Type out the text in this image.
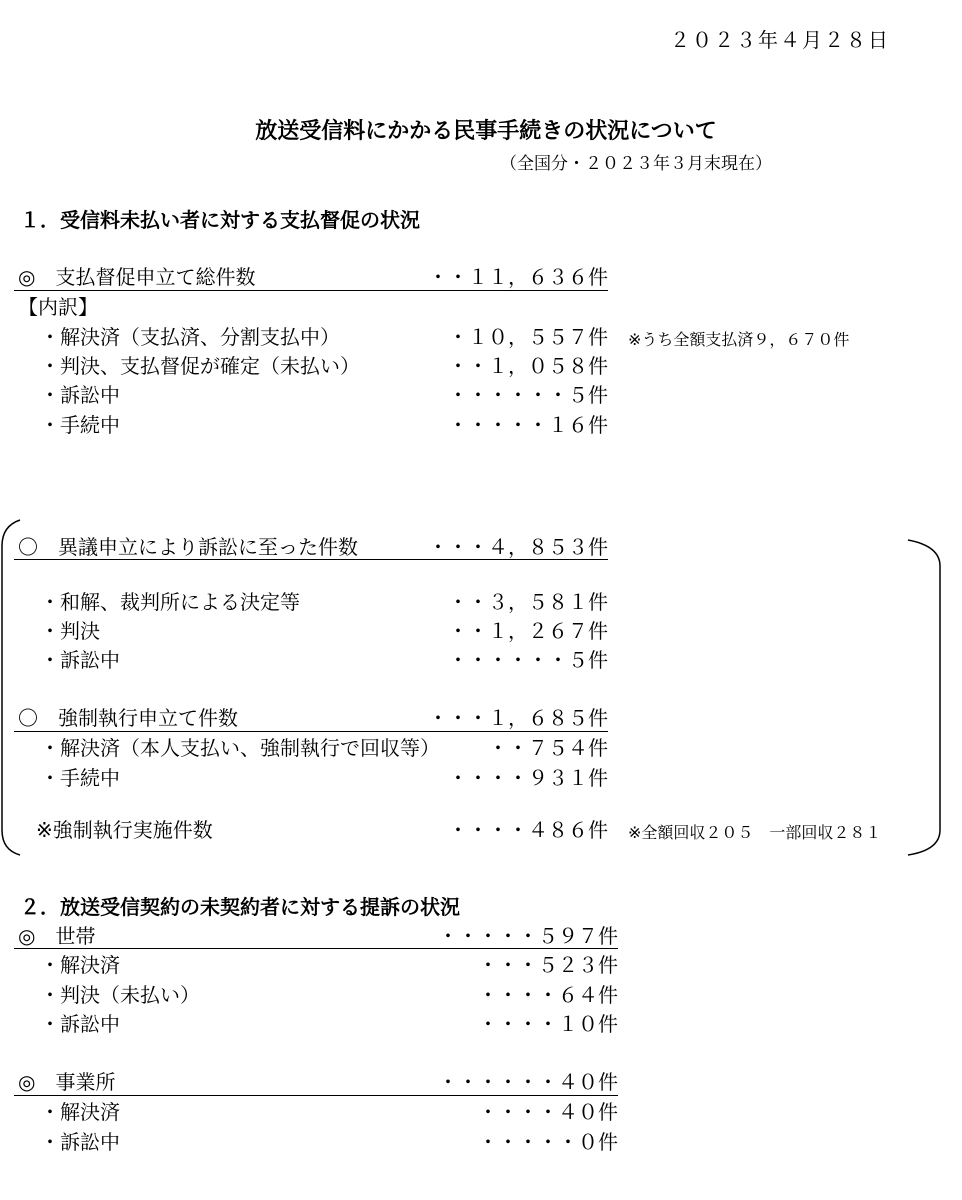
２０２３年４月２８日
放送受信料にかかる民事手続きの状況について
（全国分・２０２３年３月末現在）
１．受信料未払い者に対する支払督促の状況
◎　支払督促申立て総件数	・・１１，６３６件
【内訳】
・解決済（支払済、分割支払中）	・１０，５５７件 ※うち全額支払済９，６７０件
・判決、支払督促が確定（未払い）	・・１，０５８件
・訴訟中	・・・・・・５件
・手続中	・・・・・１６件
〇　異議申立により訴訟に至った件数	・・・４，８５３件
・和解、裁判所による決定等	・・３，５８１件
・判決	・・１，２６７件
・訴訟中	・・・・・・５件
〇　強制執行申立て件数	・・・１，６８５件
・解決済（本人支払い、強制執行で回収等） ・・７５４件
・手続中	・・・・９３１件
※強制執行実施件数	・・・・４８６件 ※全額回収２０５　一部回収２８１
２．放送受信契約の未契約者に対する提訴の状況
◎　世帯	・・・・・５９７件
・解決済	・・・５２３件
・判決（未払い）	・・・・６４件
・訴訟中	・・・・１０件
◎　事業所	・・・・・・４０件
・解決済	・・・・４０件
・訴訟中	・・・・・０件
